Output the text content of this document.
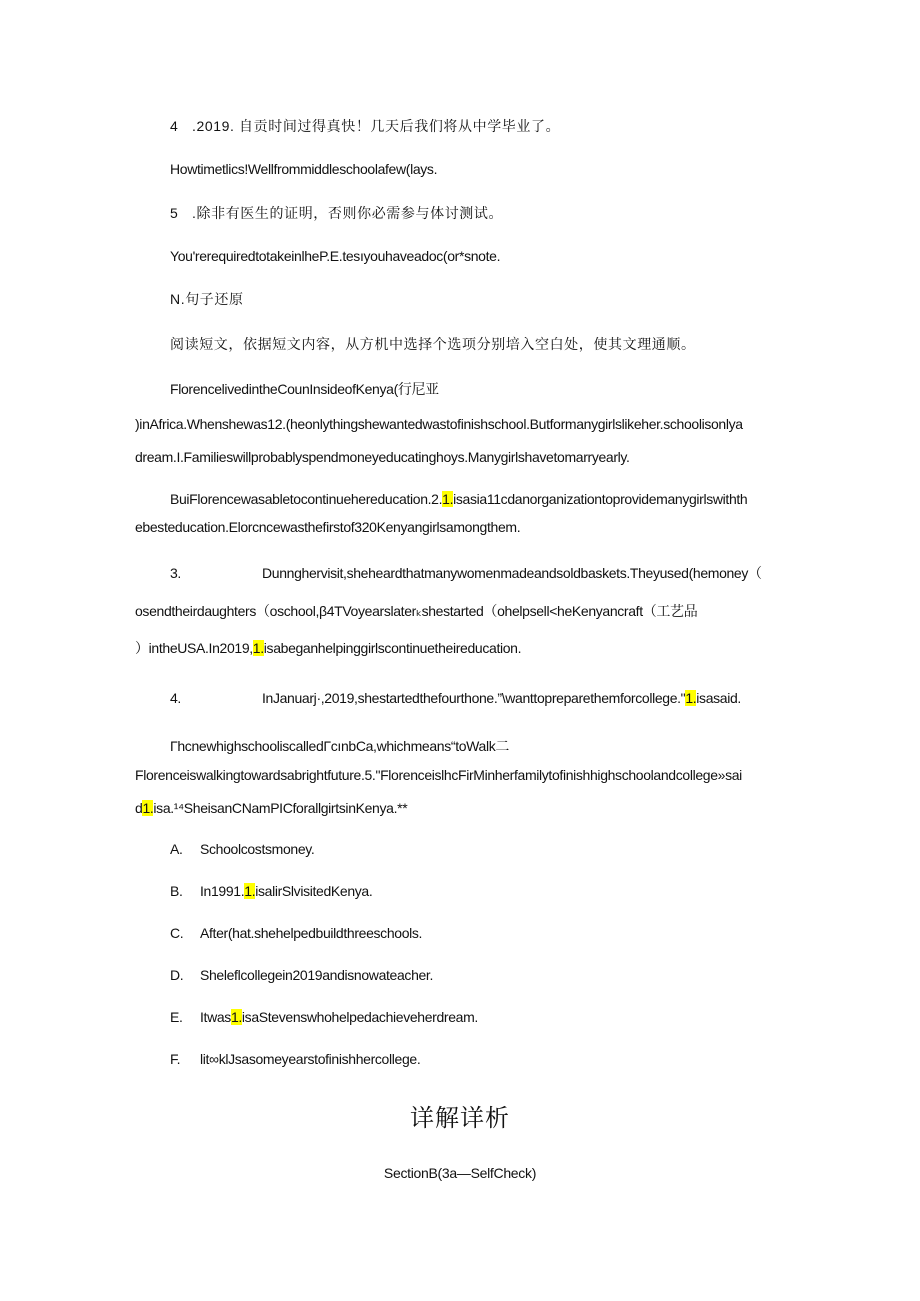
4 .2019. 自贡时间过得真快！几天后我们将从中学毕业了。
Howtimetlics!Wellfrommiddleschoolafew(lays.
5 .除非有医生的证明，否则你必需参与体讨测试。
You'rerequiredtotakeinlheP.E.tesıyouhaveadoc(or*snote.
N.句子还原
阅读短文，依据短文内容，从方机中选择个选项分别培入空白处，使其文理通顺。
FlorencelivedintheCounInsideofKenya(行尼亚
)inAfrica.Whenshewas12.(heonlythingshewantedwastofinishschool.Butformanygirlslikeher.schoolisonlya
dream.I.Familieswillprobablyspendmoneyeducatinghoys.Manygirlshavetomarryearly.
BuiFlorencewasabletocontinuehereducation.2.1.isasia11cdanorganizationtoprovidemanygirlswithth
ebesteducation.Elorcncewasthefirstof320Kenyangirlsamongthem.
3.	Dunnghervisit,sheheardthatmanywomenmadeandsoldbaskets.Theyused(hemoney（
osendtheirdaughters（oschool,β4TVoyearslaterₖshestarted（ohelpsell<heKenyancraft（工艺品
）intheUSA.In2019,1.isabeganhelpinggirlscontinuetheireducation.
4.	InJanuarj·,2019,shestartedthefourthone.”\wanttopreparethemforcollege."1.isasaid.
ΓhcnewhighschooliscalledΓcınbCa,whichmeans“toWalk二
Florenceiswalkingtowardsabrightfuture.5."FlorenceislhcFirMinherfamilytofinishhighschoolandcollege»sai
d1.isa.¹⁴SheisanCNamPICforallgirtsinKenya.**
A. Schoolcostsmoney.
B. In1991.1.isalirSlvisitedKenya.
C. After(hat.shehelpedbuildthreeschools.
D. Sheleflcollegein2019andisnowateacher.
E. Itwas1.isaStevenswhohelpedachieveherdream.
F. lit∞klJsasomeyearstofinishhercollege.
详解详析
SectionB(3a—SelfCheck)
